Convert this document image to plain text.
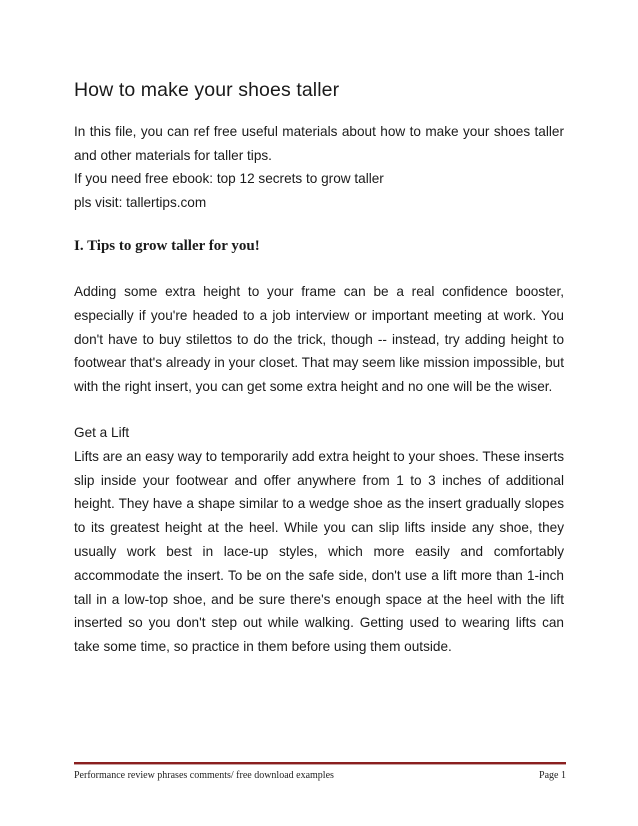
How to make your shoes taller

In this file, you can ref free useful materials about how to make your shoes taller and other materials for taller tips.

If you need free ebook: top 12 secrets to grow taller

pls visit: tallertips.com

I. Tips to grow taller for you!

Adding some extra height to your frame can be a real confidence booster, especially if you're headed to a job interview or important meeting at work. You don't have to buy stilettos to do the trick, though -- instead, try adding height to footwear that's already in your closet. That may seem like mission impossible, but with the right insert, you can get some extra height and no one will be the wiser.

Get a Lift

Lifts are an easy way to temporarily add extra height to your shoes. These inserts slip inside your footwear and offer anywhere from 1 to 3 inches of additional height. They have a shape similar to a wedge shoe as the insert gradually slopes to its greatest height at the heel. While you can slip lifts inside any shoe, they usually work best in lace-up styles, which more easily and comfortably accommodate the insert. To be on the safe side, don't use a lift more than 1-inch tall in a low-top shoe, and be sure there's enough space at the heel with the lift inserted so you don't step out while walking. Getting used to wearing lifts can take some time, so practice in them before using them outside.

Performance review phrases comments/ free download examples	Page 1
